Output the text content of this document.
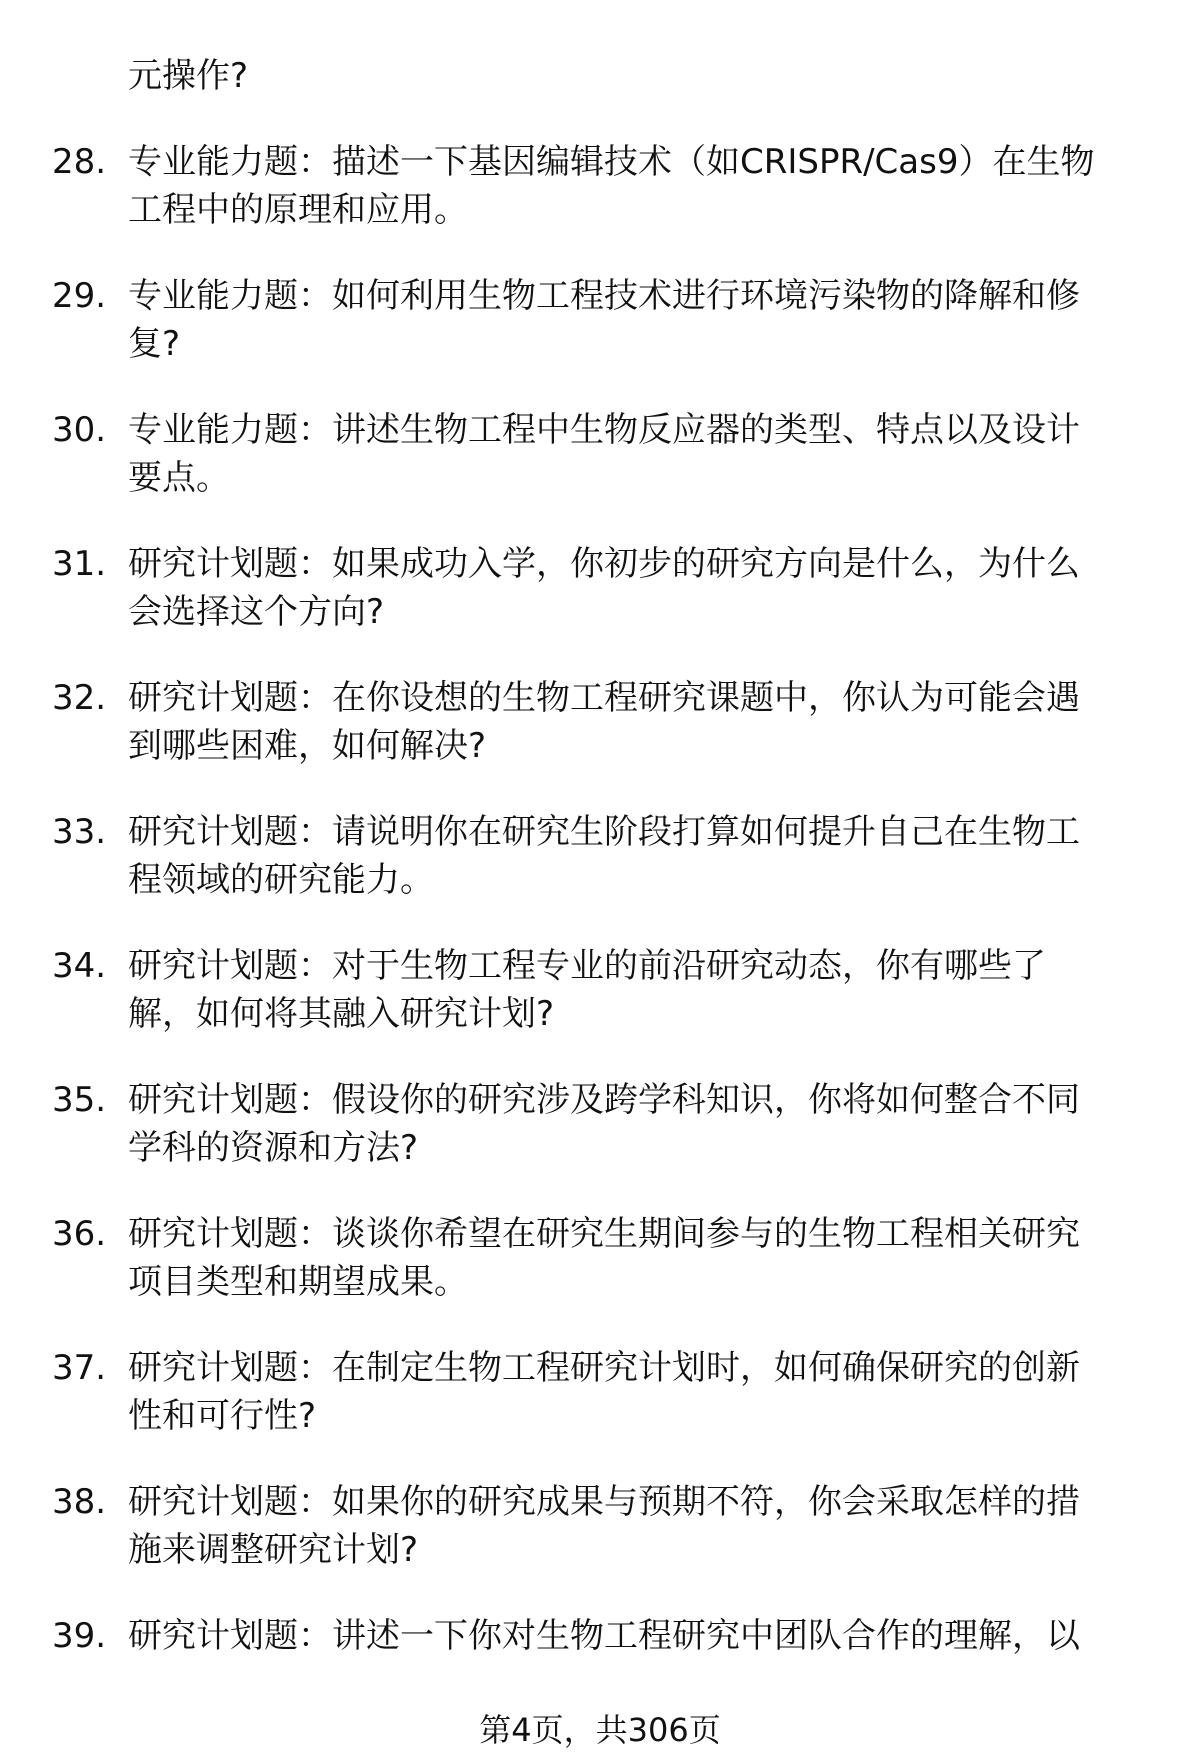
元操作?
28. 专业能力题：描述一下基因编辑技术（如CRISPR/Cas9）在生物
工程中的原理和应用。
29. 专业能力题：如何利用生物工程技术进行环境污染物的降解和修
复?
30. 专业能力题：讲述生物工程中生物反应器的类型、特点以及设计
要点。
31. 研究计划题：如果成功入学，你初步的研究方向是什么，为什么
会选择这个方向?
32. 研究计划题：在你设想的生物工程研究课题中，你认为可能会遇
到哪些困难，如何解决?
33. 研究计划题：请说明你在研究生阶段打算如何提升自己在生物工
程领域的研究能力。
34. 研究计划题：对于生物工程专业的前沿研究动态，你有哪些了
解，如何将其融入研究计划?
35. 研究计划题：假设你的研究涉及跨学科知识，你将如何整合不同
学科的资源和方法?
36. 研究计划题：谈谈你希望在研究生期间参与的生物工程相关研究
项目类型和期望成果。
37. 研究计划题：在制定生物工程研究计划时，如何确保研究的创新
性和可行性?
38. 研究计划题：如果你的研究成果与预期不符，你会采取怎样的措
施来调整研究计划?
39. 研究计划题：讲述一下你对生物工程研究中团队合作的理解，以
第4页，共306页
